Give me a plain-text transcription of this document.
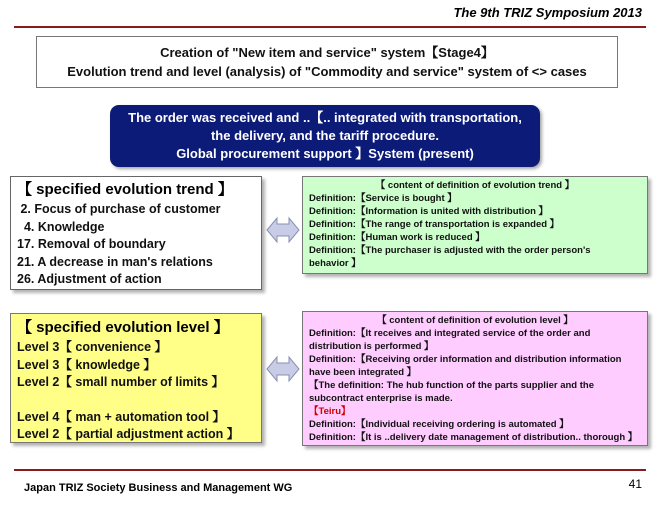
The 9th TRIZ Symposium 2013
Creation of "New item and service" system【Stage4】
Evolution trend and level (analysis) of "Commodity and service" system of <> cases
The order was received and ..【.. integrated with transportation,
the delivery, and the tariff procedure.
Global procurement support 】System (present)
【 specified evolution trend 】
2. Focus of purchase of customer
4. Knowledge
17. Removal of boundary
21. A decrease in man's relations
26. Adjustment of action
【 specified evolution level 】
Level 3【 convenience 】
Level 3【 knowledge 】
Level 2【 small number of limits 】
Level 4【 man + automation tool 】
Level 2【 partial adjustment action 】
【 content of definition of evolution trend 】
Definition:【Service is bought 】
Definition:【Information is united with distribution 】
Definition:【The range of transportation is expanded 】
Definition:【Human work is reduced 】
Definition:【The purchaser is adjusted with the order person's
behavior 】
【 content of definition of evolution level 】
Definition:【It receives and integrated service of the order and
distribution is performed 】
Definition:【Receiving order information and distribution information
have been integrated 】
【The definition: The hub function of the parts supplier and the
subcontract enterprise is made.
【Teiru】
Definition:【Individual receiving ordering is automated 】
Definition:【It is ..delivery date management of distribution.. thorough 】
Japan TRIZ Society Business and Management WG	41
